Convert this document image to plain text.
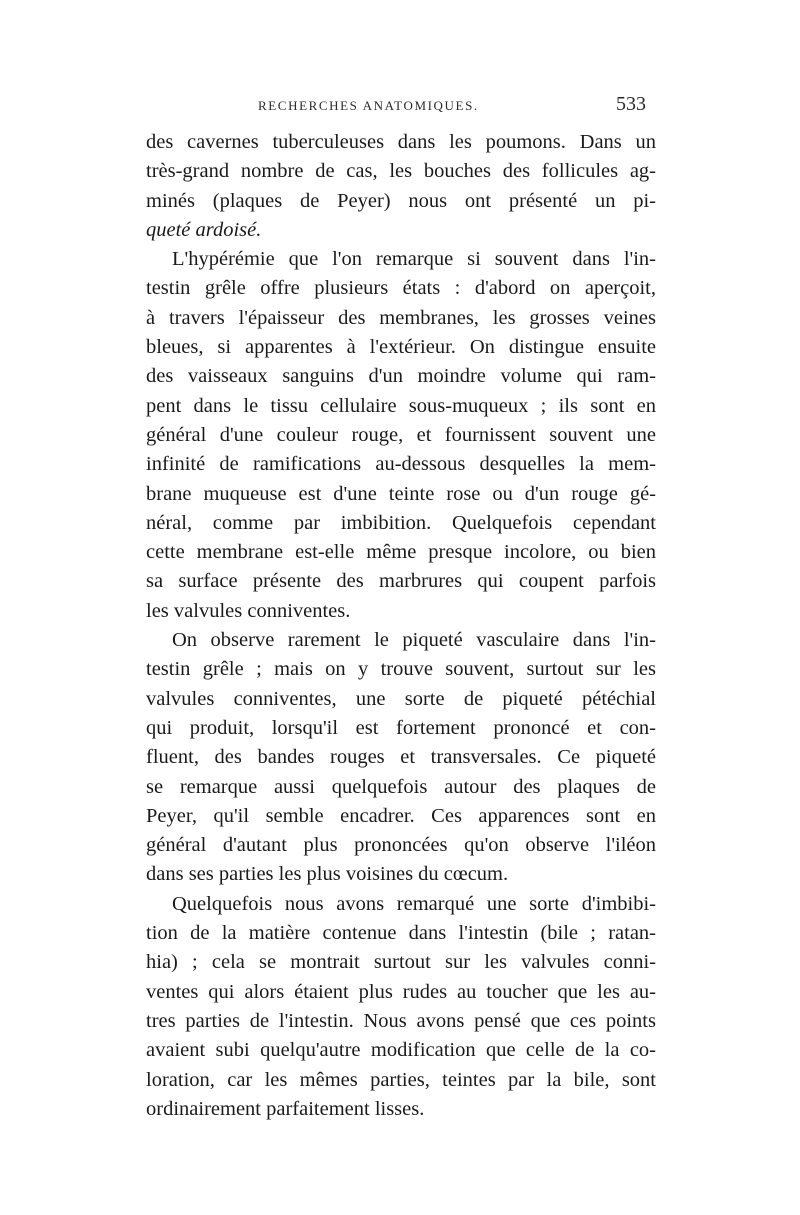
RECHERCHES ANATOMIQUES.	533
des cavernes tuberculeuses dans les poumons. Dans un
très-grand nombre de cas, les bouches des follicules ag-
minés (plaques de Peyer) nous ont présenté un pi-
queté ardoisé.
L'hypérémie que l'on remarque si souvent dans l'in-
testin grêle offre plusieurs états : d'abord on aperçoit,
à travers l'épaisseur des membranes, les grosses veines
bleues, si apparentes à l'extérieur. On distingue ensuite
des vaisseaux sanguins d'un moindre volume qui ram-
pent dans le tissu cellulaire sous-muqueux ; ils sont en
général d'une couleur rouge, et fournissent souvent une
infinité de ramifications au-dessous desquelles la mem-
brane muqueuse est d'une teinte rose ou d'un rouge gé-
néral, comme par imbibition. Quelquefois cependant
cette membrane est-elle même presque incolore, ou bien
sa surface présente des marbrures qui coupent parfois
les valvules conniventes.
On observe rarement le piqueté vasculaire dans l'in-
testin grêle ; mais on y trouve souvent, surtout sur les
valvules conniventes, une sorte de piqueté pétéchial
qui produit, lorsqu'il est fortement prononcé et con-
fluent, des bandes rouges et transversales. Ce piqueté
se remarque aussi quelquefois autour des plaques de
Peyer, qu'il semble encadrer. Ces apparences sont en
général d'autant plus prononcées qu'on observe l'iléon
dans ses parties les plus voisines du cœcum.
Quelquefois nous avons remarqué une sorte d'imbibi-
tion de la matière contenue dans l'intestin (bile ; ratan-
hia) ; cela se montrait surtout sur les valvules conni-
ventes qui alors étaient plus rudes au toucher que les au-
tres parties de l'intestin. Nous avons pensé que ces points
avaient subi quelqu'autre modification que celle de la co-
loration, car les mêmes parties, teintes par la bile, sont
ordinairement parfaitement lisses.
